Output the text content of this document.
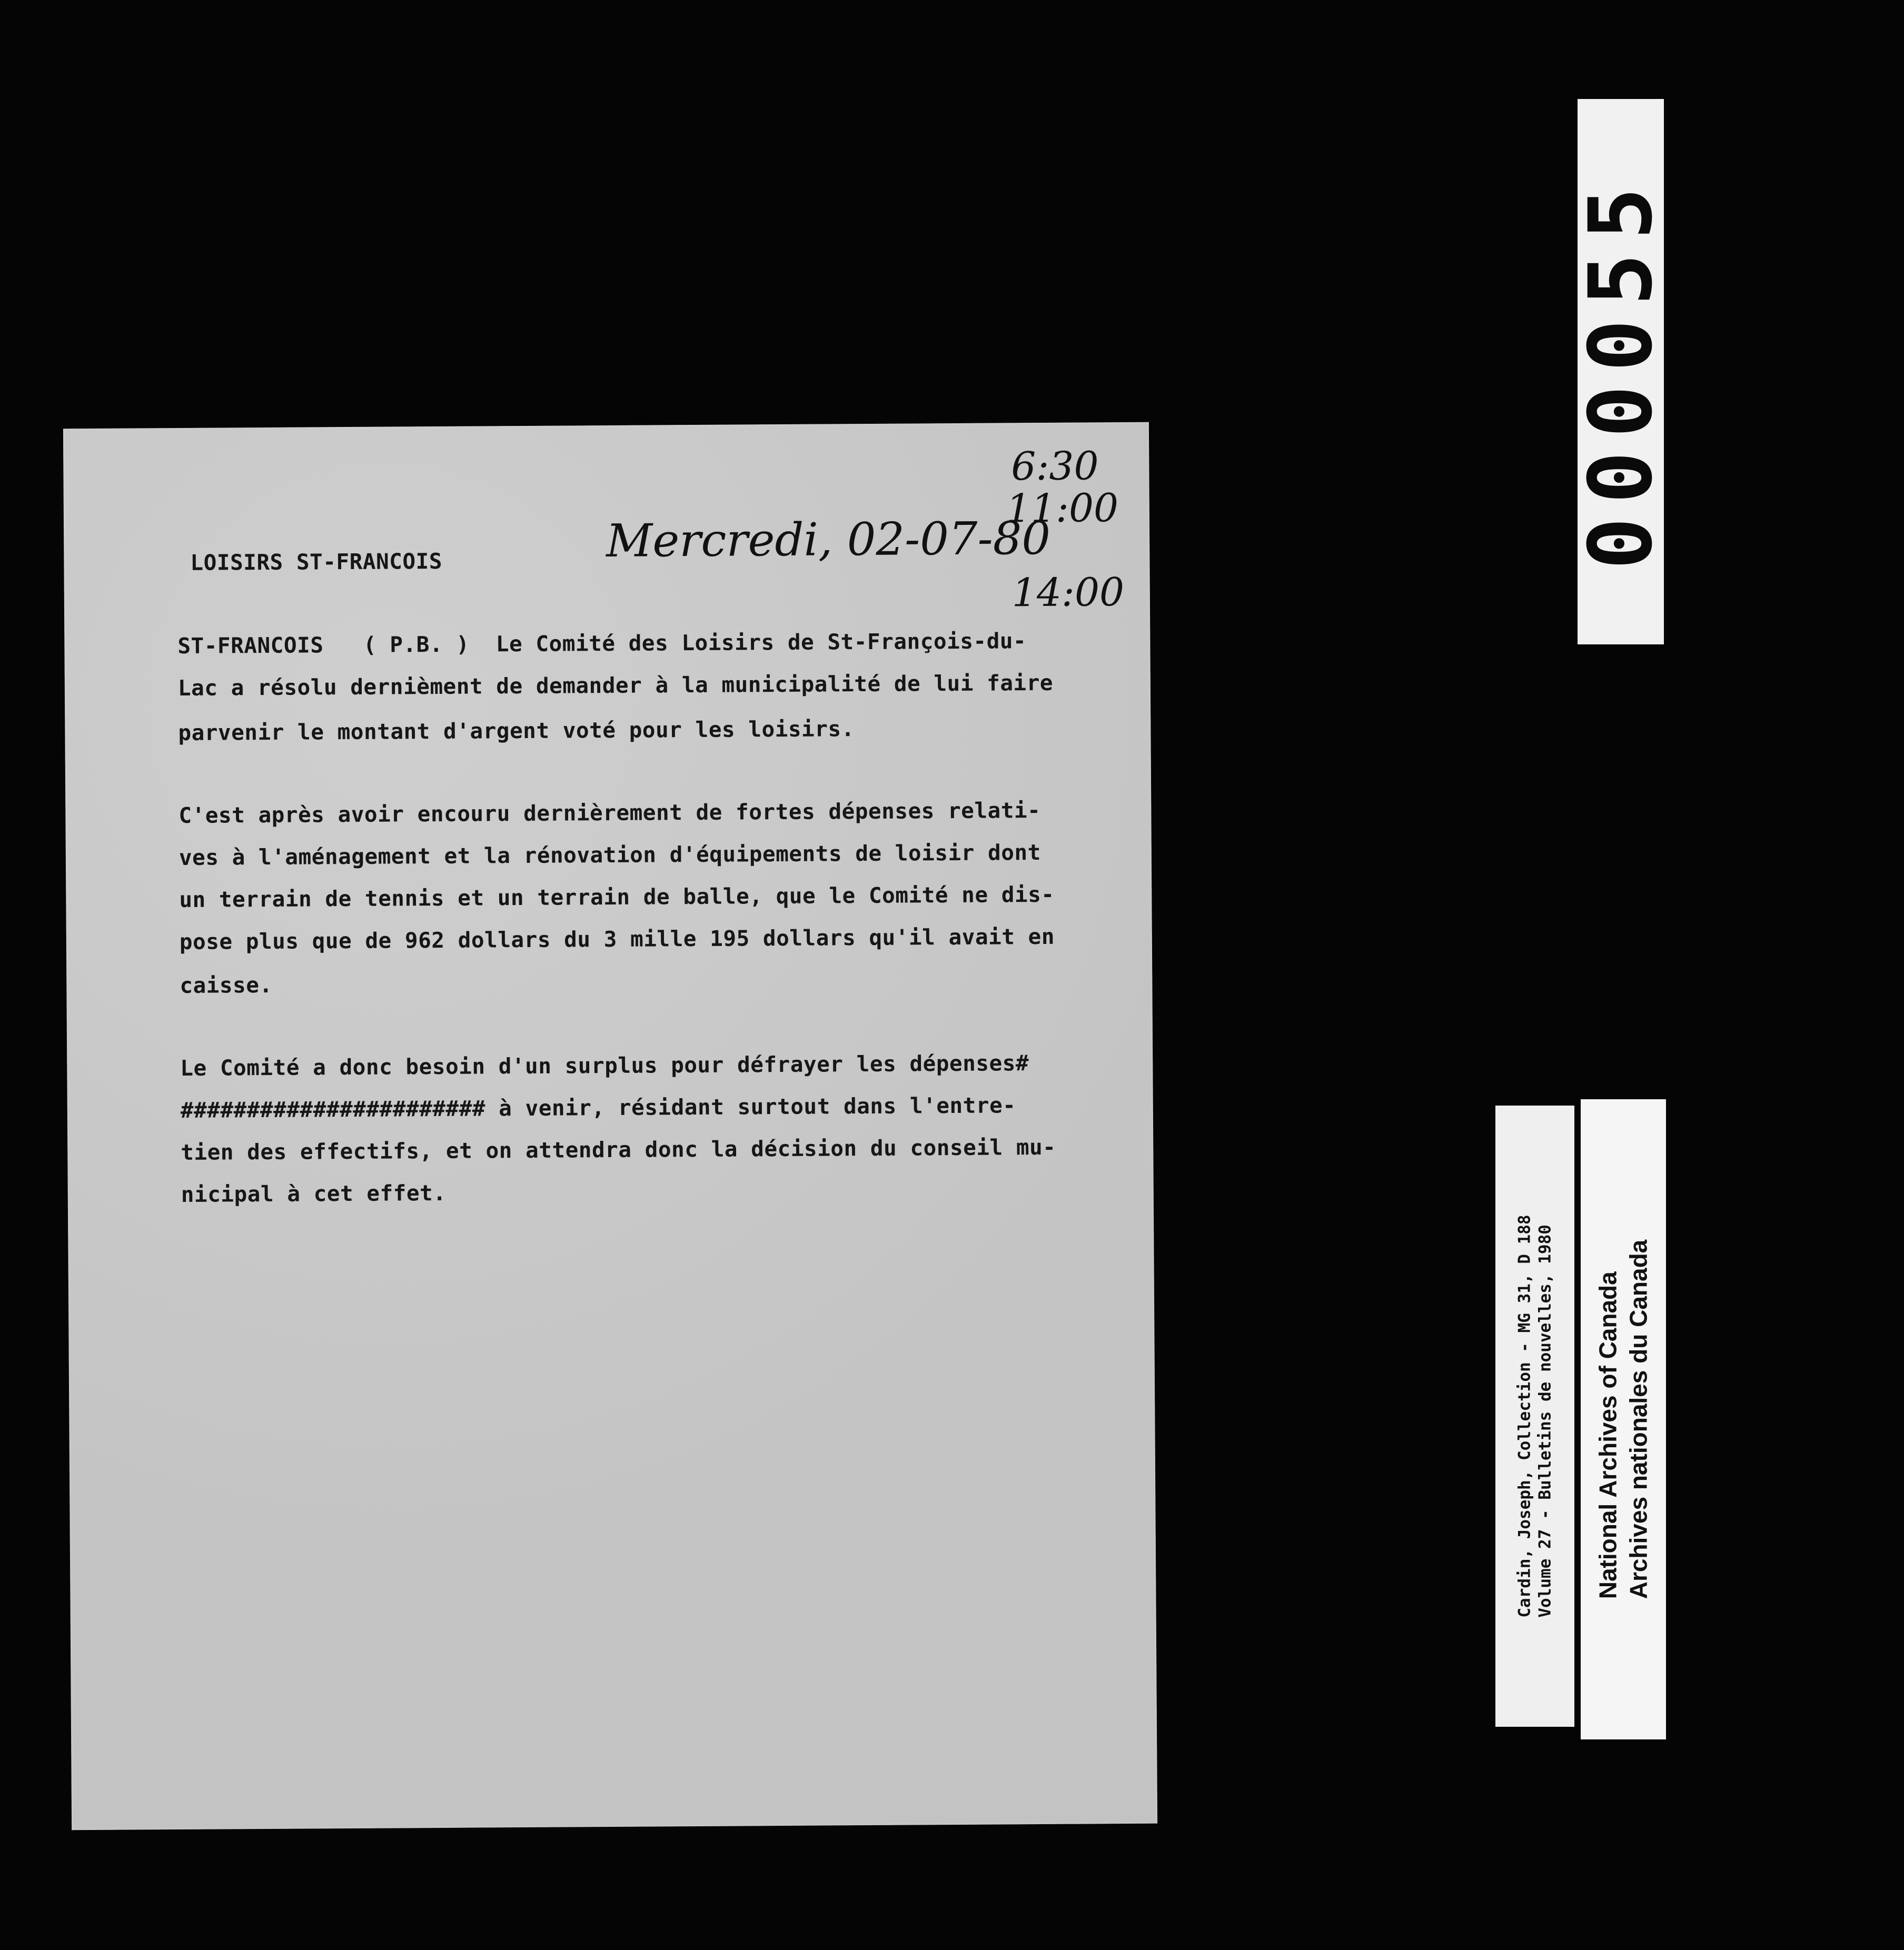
LOISIRS ST-FRANCOIS	Mercredi, 02-07-80
6:30
11:00
14:00
ST-FRANCOIS   ( P.B. )  Le Comité des Loisirs de St-François-du-
Lac a résolu dernièment de demander à la municipalité de lui faire
parvenir le montant d'argent voté pour les loisirs.
C'est après avoir encouru dernièrement de fortes dépenses relati-
ves à l'aménagement et la rénovation d'équipements de loisir dont
un terrain de tennis et un terrain de balle, que le Comité ne dis-
pose plus que de 962 dollars du 3 mille 195 dollars qu'il avait en
caisse.
Le Comité a donc besoin d'un surplus pour défrayer les dépenses#
####################### à venir, résidant surtout dans l'entre-
tien des effectifs, et on attendra donc la décision du conseil mu-
nicipal à cet effet.
000055
Cardin, Joseph, Collection - MG 31, D 188 Volume 27 - Bulletins de nouvelles, 1980 National Archives of Canada Archives nationales du Canada
